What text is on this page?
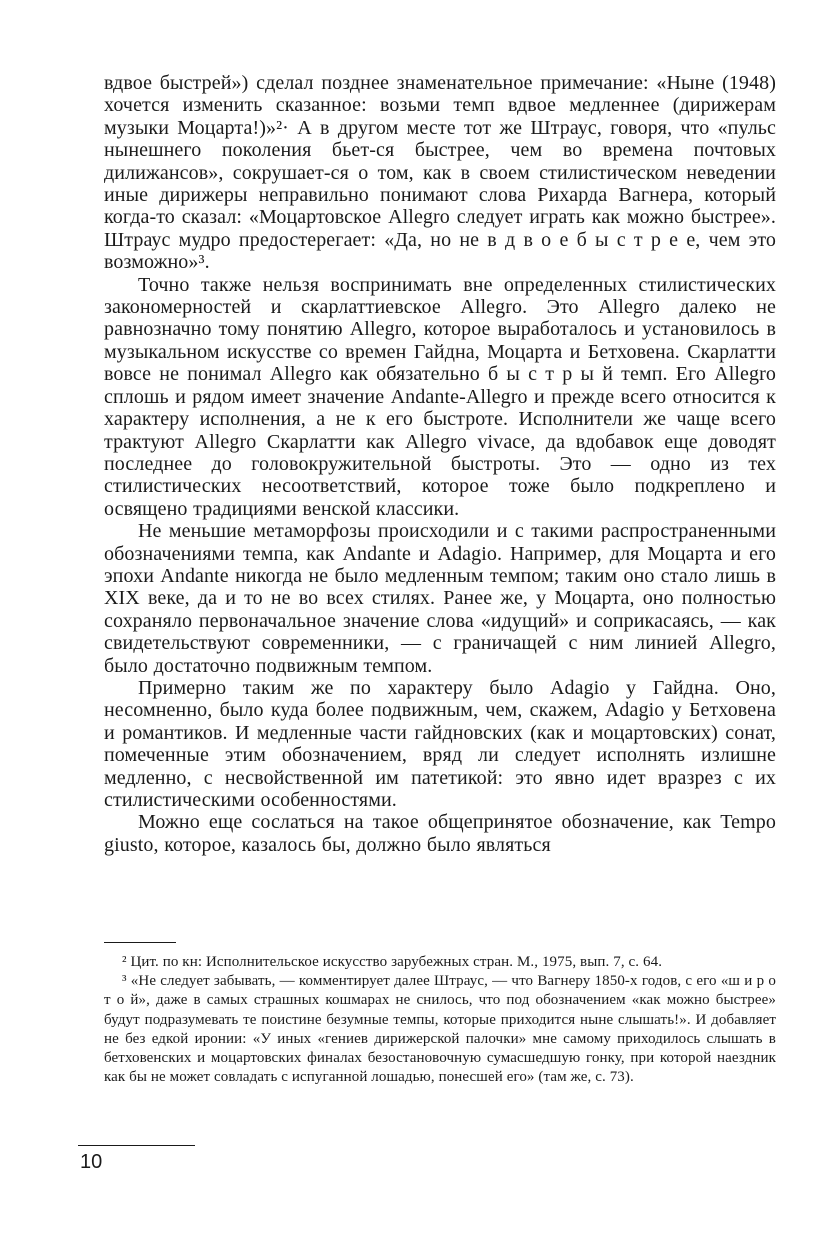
вдвое быстрей») сделал позднее знаменательное примечание: «Ныне (1948) хочется изменить сказанное: возьми темп вдвое медленнее (дирижерам музыки Моцарта!)»²· А в другом месте тот же Штраус, говоря, что «пульс нынешнего поколения бьет-ся быстрее, чем во времена почтовых дилижансов», сокрушает-ся о том, как в своем стилистическом неведении иные дирижеры неправильно понимают слова Рихарда Вагнера, который когда-то сказал: «Моцартовское Allegro следует играть как можно быстрее». Штраус мудро предостерегает: «Да, но не в д в о е б ы с т р е е, чем это возможно»³.

Точно также нельзя воспринимать вне определенных стилистических закономерностей и скарлаттиевское Allegro. Это Allegro далеко не равнозначно тому понятию Allegro, которое выработалось и установилось в музыкальном искусстве со времен Гайдна, Моцарта и Бетховена. Скарлатти вовсе не понимал Allegro как обязательно б ы с т р ы й темп. Его Allegro сплошь и рядом имеет значение Andante-Allegro и прежде всего относится к характеру исполнения, а не к его быстроте. Исполнители же чаще всего трактуют Allegro Скарлатти как Allegro vivace, да вдобавок еще доводят последнее до головокружительной быстроты. Это — одно из тех стилистических несоответствий, которое тоже было подкреплено и освящено традициями венской классики.

Не меньшие метаморфозы происходили и с такими распространенными обозначениями темпа, как Andante и Adagio. Например, для Моцарта и его эпохи Andante никогда не было медленным темпом; таким оно стало лишь в XIX веке, да и то не во всех стилях. Ранее же, у Моцарта, оно полностью сохраняло первоначальное значение слова «идущий» и соприкасаясь, — как свидетельствуют современники, — с граничащей с ним линией Allegro, было достаточно подвижным темпом.

Примерно таким же по характеру было Adagio у Гайдна. Оно, несомненно, было куда более подвижным, чем, скажем, Adagio у Бетховена и романтиков. И медленные части гайдновских (как и моцартовских) сонат, помеченные этим обозначением, вряд ли следует исполнять излишне медленно, с несвойственной им патетикой: это явно идет вразрез с их стилистическими особенностями.

Можно еще сослаться на такое общепринятое обозначение, как Tempo giusto, которое, казалось бы, должно было являться

² Цит. по кн: Исполнительское искусство зарубежных стран. М., 1975, вып. 7, с. 64.

³ «Не следует забывать, — комментирует далее Штраус, — что Вагнеру 1850-х годов, с его «ш и р о т о й», даже в самых страшных кошмарах не снилось, что под обозначением «как можно быстрее» будут подразумевать те поистине безумные темпы, которые приходится ныне слышать!». И добавляет не без едкой иронии: «У иных «гениев дирижерской палочки» мне самому приходилось слышать в бетховенских и моцартовских финалах безостановочную сумасшедшую гонку, при которой наездник как бы не может совладать с испуганной лошадью, понесшей его» (там же, с. 73).

10
